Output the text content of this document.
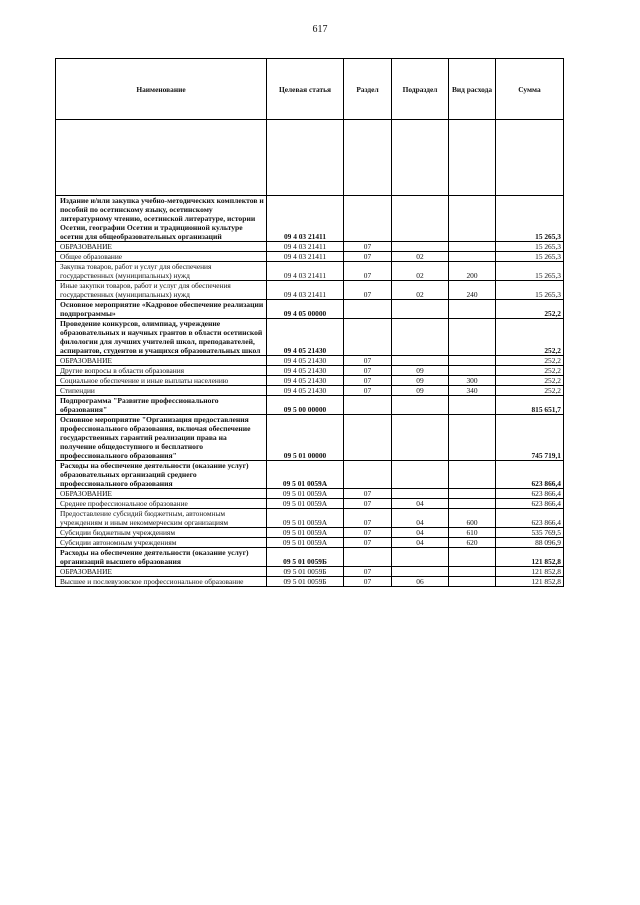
617
Наименование	Целевая статья	Раздел	Подраздел	Вид расхода	Сумма

Издание и/или закупка учебно-методических комплектов и пособий по осетинскому языку, осетинскому литературному чтению, осетинской литературе, истории Осетии, географии Осетии и традиционной культуре осетин для общеобразовательных организаций	09 4 03 21411				15 265,3
ОБРАЗОВАНИЕ	09 4 03 21411	07			15 265,3
Общее образование	09 4 03 21411	07	02		15 265,3
Закупка товаров, работ и услуг для обеспечения государственных (муниципальных) нужд	09 4 03 21411	07	02	200	15 265,3
Иные закупки товаров, работ и услуг для обеспечения государственных (муниципальных) нужд	09 4 03 21411	07	02	240	15 265,3
Основное мероприятие «Кадровое обеспечение реализации подпрограммы»	09 4 05 00000				252,2
Проведение конкурсов, олимпиад, учреждение образовательных и научных грантов в области осетинской филологии для лучших учителей школ, преподавателей, аспирантов, студентов и учащихся образовательных школ	09 4 05 21430				252,2
ОБРАЗОВАНИЕ	09 4 05 21430	07			252,2
Другие вопросы в области образования	09 4 05 21430	07	09		252,2
Социальное обеспечение и иные выплаты населению	09 4 05 21430	07	09	300	252,2
Стипендии	09 4 05 21430	07	09	340	252,2
Подпрограмма "Развитие профессионального образования"	09 5 00 00000				815 651,7
Основное мероприятие "Организация предоставления профессионального образования, включая обеспечение государственных гарантий реализации права на получение общедоступного и бесплатного профессионального образования"	09 5 01 00000				745 719,1
Расходы на обеспечение деятельности (оказание услуг) образовательных организаций среднего профессионального образования	09 5 01 0059А				623 866,4
ОБРАЗОВАНИЕ	09 5 01 0059А	07			623 866,4
Среднее профессиональное образование	09 5 01 0059А	07	04		623 866,4
Предоставление субсидий бюджетным, автономным учреждениям и иным некоммерческим организациям	09 5 01 0059А	07	04	600	623 866,4
Субсидии бюджетным учреждениям	09 5 01 0059А	07	04	610	535 769,5
Субсидии автономным учреждениям	09 5 01 0059А	07	04	620	88 096,9
Расходы на обеспечение деятельности (оказание услуг) организаций высшего образования	09 5 01 0059Б				121 852,8
ОБРАЗОВАНИЕ	09 5 01 0059Б	07			121 852,8
Высшее и послевузовское профессиональное образование	09 5 01 0059Б	07	06		121 852,8
